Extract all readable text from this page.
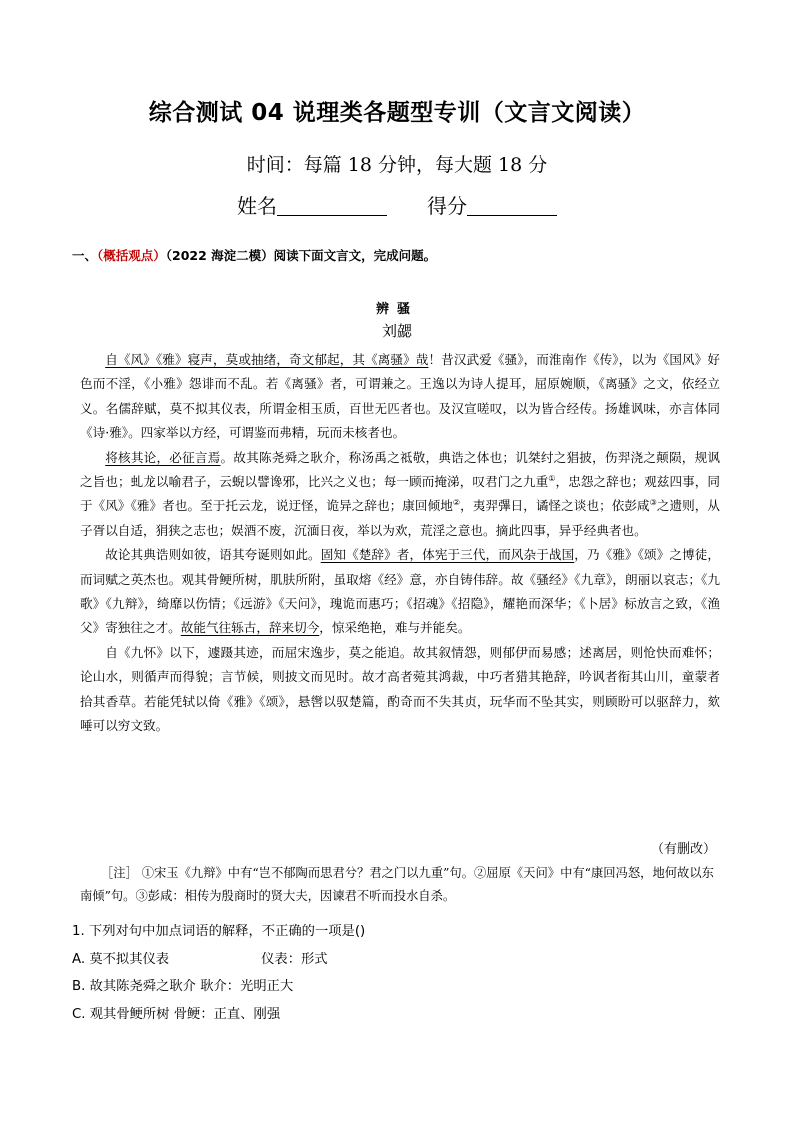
综合测试 04 说理类各题型专训（文言文阅读）
时间：每篇 18 分钟，每大题 18 分
姓名	得分
一、（概括观点）（2022 海淀二模）阅读下面文言文，完成问题。
辨骚
刘勰

自《风》《雅》寝声，莫或抽绪，奇文郁起，其《离骚》哉！昔汉武爱《骚》，而淮南作《传》，以为《国风》好色而不淫，《小雅》怨诽而不乱。若《离骚》者，可谓兼之。王逸以为诗人提耳，屈原婉顺，《离骚》之文，依经立义。名儒辞赋，莫不拟其仪表，所谓金相玉质，百世无匹者也。及汉宣嗟叹，以为皆合经传。扬雄讽味，亦言体同《诗·雅》。四家举以方经，可谓鉴而弗精，玩而未核者也。

将核其论，必征言焉。故其陈尧舜之耿介，称汤禹之祗敬，典诰之体也；讥桀纣之猖披，伤羿浇之颠陨，规讽之旨也；虬龙以喻君子，云蜺以譬谗邪，比兴之义也；每一顾而掩涕，叹君门之九重①，忠怨之辞也；观兹四事，同于《风》《雅》者也。至于托云龙，说迂怪，诡异之辞也；康回倾地②，夷羿彃日，谲怪之谈也；依彭咸③之遗则，从子胥以自适，狷狭之志也；娱酒不废，沉湎日夜，举以为欢，荒淫之意也。摘此四事，异乎经典者也。

故论其典诰则如彼，语其夸诞则如此。固知《楚辞》者，体宪于三代，而风杂于战国，乃《雅》《颂》之博徒，而词赋之英杰也。观其骨鲠所树，肌肤所附，虽取熔《经》意，亦自铸伟辞。故《骚经》《九章》，朗丽以哀志；《九歌》《九辩》，绮靡以伤情；《远游》《天问》，瑰诡而惠巧；《招魂》《招隐》，耀艳而深华；《卜居》标放言之致，《渔父》寄独往之才。故能气往轹古，辞来切今，惊采绝艳，难与并能矣。

自《九怀》以下，遽蹑其迹，而屈宋逸步，莫之能追。故其叙情怨，则郁伊而易感；述离居，则怆快而难怀；论山水，则循声而得貌；言节候，则披文而见时。故才高者菀其鸿裁，中巧者猎其艳辞，吟讽者衔其山川，童蒙者拾其香草。若能凭轼以倚《雅》《颂》，悬辔以驭楚篇，酌奇而不失其贞，玩华而不坠其实，则顾盼可以驱辞力，欬唾可以穷文致。

（有删改）
［注］ ①宋玉《九辩》中有“岂不郁陶而思君兮？君之门以九重”句。②屈原《天问》中有“康回冯怒，地何故以东南倾”句。③彭咸：相传为殷商时的贤大夫，因谏君不听而投水自杀。
1. 下列对句中加点词语的解释，不正确的一项是()
A. 莫不拟其仪表	仪表：形式
B. 故其陈尧舜之耿介 耿介：光明正大
C. 观其骨鲠所树 骨鲠：正直、刚强
